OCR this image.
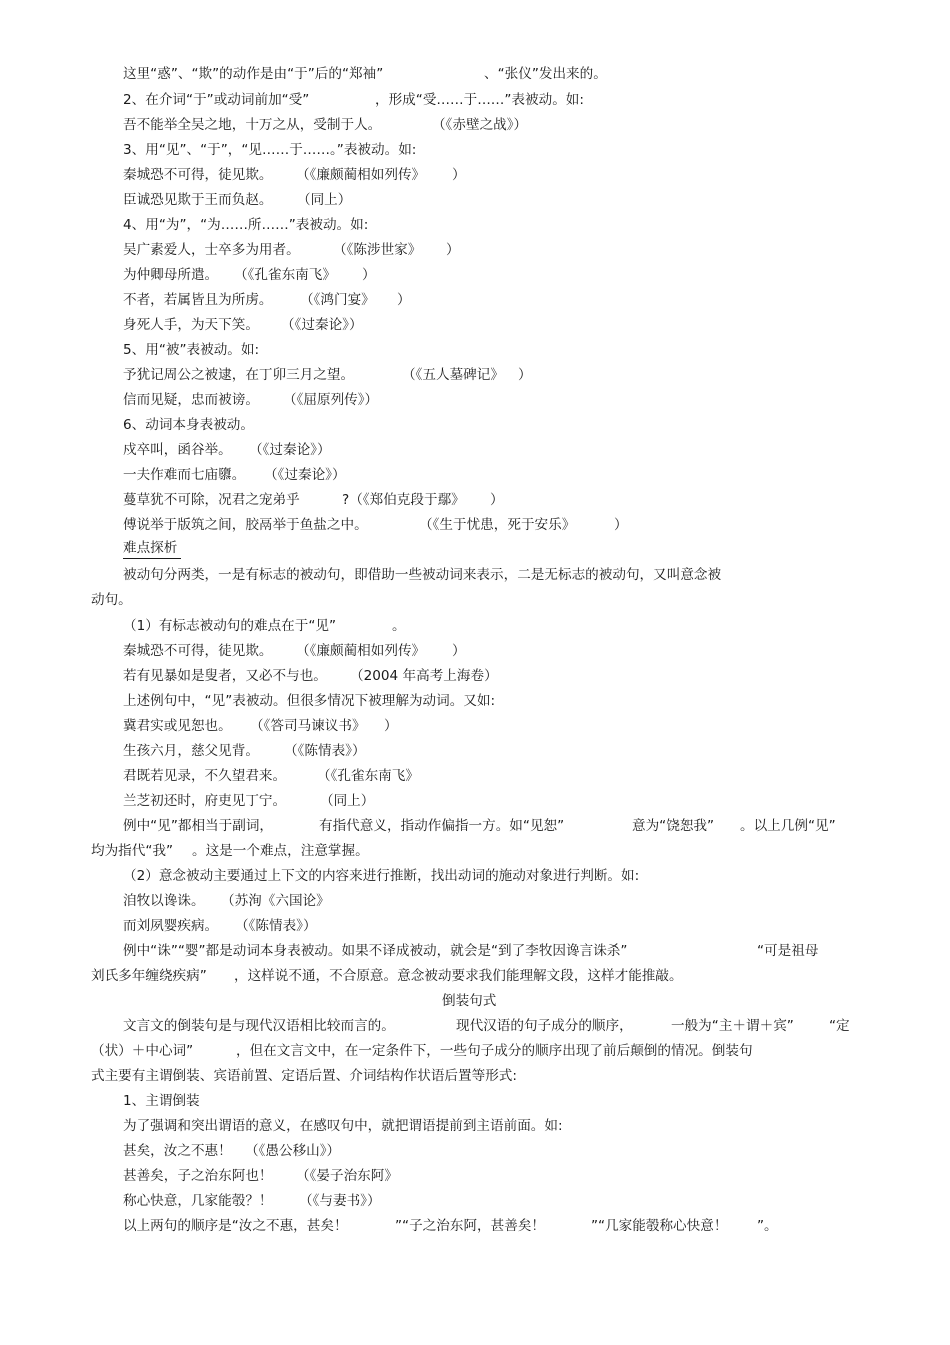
这里“惑”、“欺”的动作是由“于”后的“郑袖”	、“张仪”发出来的。
2、在介词“于”或动词前加“受”	，形成“受……于……”表被动。如:
吾不能举全吴之地，十万之从，受制于人。	（《赤壁之战》）
3、用“见”、“于”，“见……于……。”表被动。如:
秦城恐不可得，徒见欺。 （《廉颇蔺相如列传》 ）
臣诚恐见欺于王而负赵。 （同上）
4、用“为”，“为……所……”表被动。如:
吴广素爱人，士卒多为用者。 （《陈涉世家》 ）
为仲卿母所遣。 （《孔雀东南飞》 ）
不者，若属皆且为所虏。 （《鸿门宴》 ）
身死人手，为天下笑。 （《过秦论》）
5、用“被”表被动。如:
予犹记周公之被逮，在丁卯三月之望。	（《五人墓碑记》 ）
信而见疑，忠而被谤。 （《屈原列传》）
6、动词本身表被动。
戍卒叫，函谷举。 （《过秦论》）
一夫作难而七庙隳。 （《过秦论》）
蔓草犹不可除，况君之宠弟乎	?（《郑伯克段于鄢》 ）
傅说举于版筑之间，胶鬲举于鱼盐之中。	（《生于忧患，死于安乐》	）
难点探析
被动句分两类，一是有标志的被动句，即借助一些被动词来表示，二是无标志的被动句，又叫意念被
动句。
（1）有标志被动句的难点在于“见”	。
秦城恐不可得，徒见欺。 （《廉颇蔺相如列传》 ）
若有见暴如是叟者，又必不与也。 （2004 年高考上海卷）
上述例句中，“见”表被动。但很多情况下被理解为动词。又如:
冀君实或见恕也。 （《答司马谏议书》 ）
生孩六月，慈父见背。 （《陈情表》）
君既若见录，不久望君来。 （《孔雀东南飞》
兰芝初还时，府吏见丁宁。 （同上）
例中“见”都相当于副词，	有指代意义，指动作偏指一方。如“见恕”	意为“饶恕我” 。以上几例“见”
均为指代“我” 。这是一个难点，注意掌握。
（2）意念被动主要通过上下文的内容来进行推断，找出动词的施动对象进行判断。如:
洎牧以谗诛。 （苏洵《六国论》
而刘夙婴疾病。 （《陈情表》）
例中“诛”“婴”都是动词本身表被动。如果不译成被动，就会是“到了李牧因谗言诛杀”	“可是祖母
刘氏多年缠绕疾病” ，这样说不通，不合原意。意念被动要求我们能理解文段，这样才能推敲。
倒装句式
文言文的倒装句是与现代汉语相比较而言的。	现代汉语的句子成分的顺序，	一般为“主＋谓＋宾”	“定
（状）＋中心词”	，但在文言文中，在一定条件下，一些句子成分的顺序出现了前后颠倒的情况。倒装句
式主要有主谓倒装、宾语前置、定语后置、介词结构作状语后置等形式:
1、主谓倒装
为了强调和突出谓语的意义，在感叹句中，就把谓语提前到主语前面。如:
甚矣，汝之不惠！ （《愚公移山》）
甚善矣，子之治东阿也！ （《晏子治东阿》
称心快意，几家能彀？！ （《与妻书》）
以上两句的顺序是“汝之不惠，甚矣！	”“子之治东阿，甚善矣！	”“几家能彀称心快意！ ”。
